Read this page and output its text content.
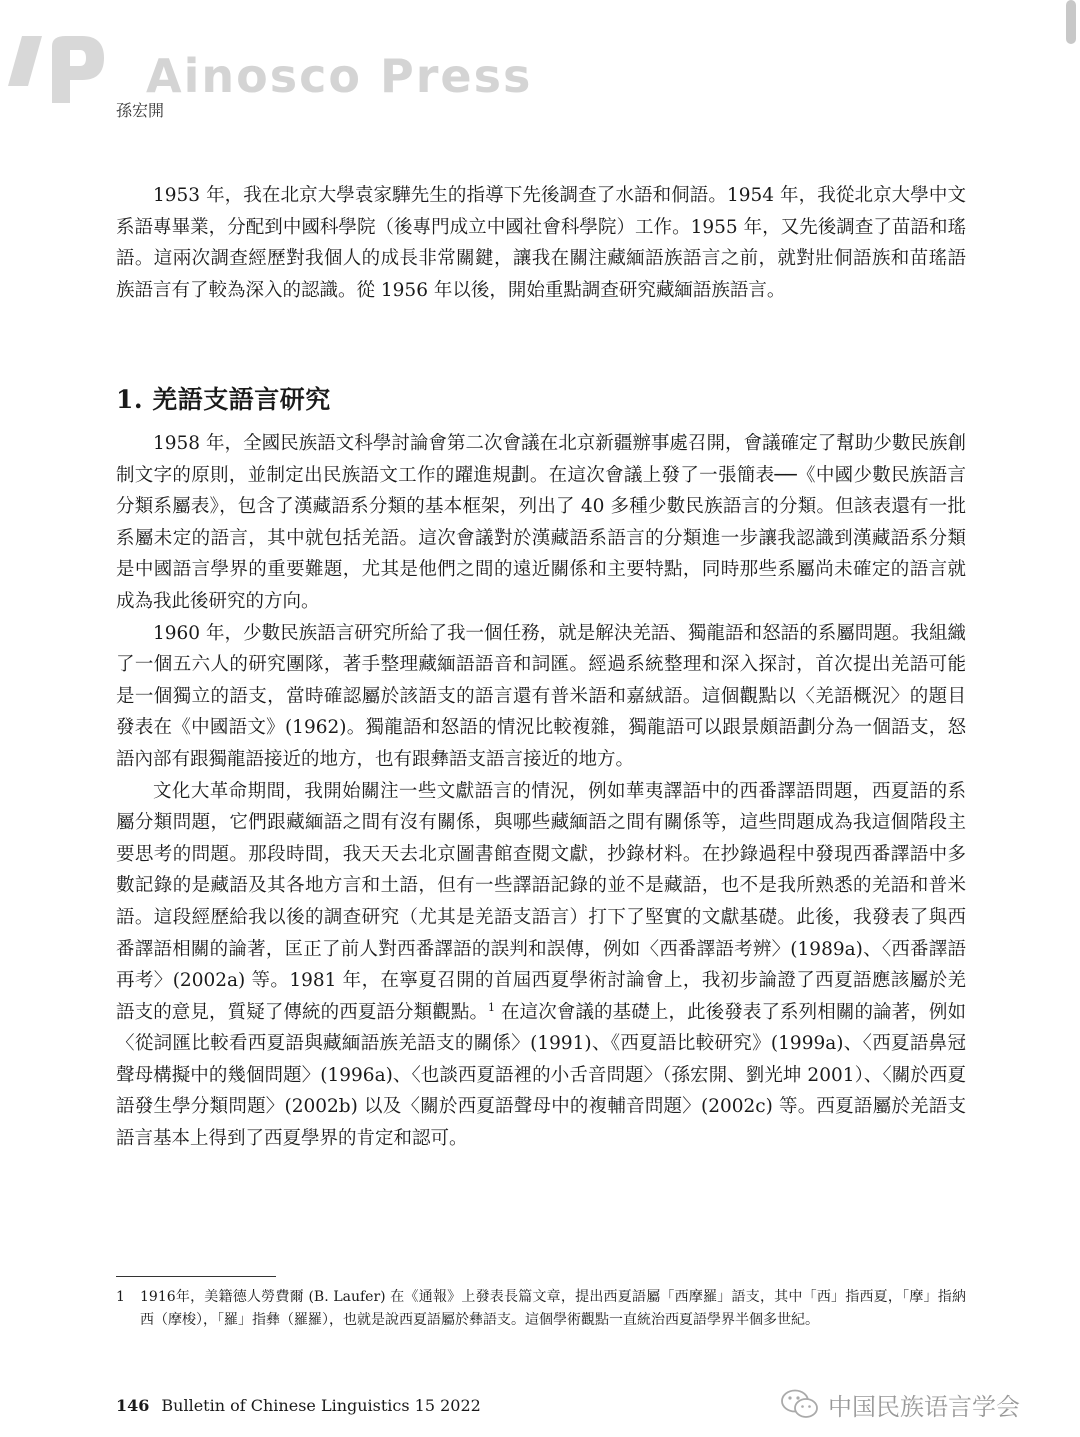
Ainosco Press
孫宏開

1953 年，我在北京大學袁家驊先生的指導下先後調查了水語和侗語。1954 年，我從北京大學中文系語專畢業，分配到中國科學院（後專門成立中國社會科學院）工作。1955 年，又先後調查了苗語和瑤語。這兩次調查經歷對我個人的成長非常關鍵，讓我在關注藏緬語族語言之前，就對壯侗語族和苗瑤語族語言有了較為深入的認識。從 1956 年以後，開始重點調查研究藏緬語族語言。

1. 羌語支語言研究

1958 年，全國民族語文科學討論會第二次會議在北京新疆辦事處召開，會議確定了幫助少數民族創制文字的原則，並制定出民族語文工作的躍進規劃。在這次會議上發了一張簡表──《中國少數民族語言分類系屬表》，包含了漢藏語系分類的基本框架，列出了 40 多種少數民族語言的分類。但該表還有一批系屬未定的語言，其中就包括羌語。這次會議對於漢藏語系語言的分類進一步讓我認識到漢藏語系分類是中國語言學界的重要難題，尤其是他們之間的遠近關係和主要特點，同時那些系屬尚未確定的語言就成為我此後研究的方向。

1960 年，少數民族語言研究所給了我一個任務，就是解決羌語、獨龍語和怒語的系屬問題。我組織了一個五六人的研究團隊，著手整理藏緬語語音和詞匯。經過系統整理和深入探討，首次提出羌語可能是一個獨立的語支，當時確認屬於該語支的語言還有普米語和嘉絨語。這個觀點以〈羌語概況〉的題目發表在《中國語文》(1962)。獨龍語和怒語的情況比較複雜，獨龍語可以跟景頗語劃分為一個語支，怒語內部有跟獨龍語接近的地方，也有跟彝語支語言接近的地方。

文化大革命期間，我開始關注一些文獻語言的情況，例如華夷譯語中的西番譯語問題，西夏語的系屬分類問題，它們跟藏緬語之間有沒有關係，與哪些藏緬語之間有關係等，這些問題成為我這個階段主要思考的問題。那段時間，我天天去北京圖書館查閱文獻，抄錄材料。在抄錄過程中發現西番譯語中多數記錄的是藏語及其各地方言和土語，但有一些譯語記錄的並不是藏語，也不是我所熟悉的羌語和普米語。這段經歷給我以後的調查研究（尤其是羌語支語言）打下了堅實的文獻基礎。此後，我發表了與西番譯語相關的論著，匡正了前人對西番譯語的誤判和誤傳，例如〈西番譯語考辨〉(1989a)、〈西番譯語再考〉(2002a) 等。1981 年，在寧夏召開的首屆西夏學術討論會上，我初步論證了西夏語應該屬於羌語支的意見，質疑了傳統的西夏語分類觀點。$^1$ 在這次會議的基礎上，此後發表了系列相關的論著，例如〈從詞匯比較看西夏語與藏緬語族羌語支的關係〉(1991)、《西夏語比較研究》(1999a)、〈西夏語鼻冠聲母構擬中的幾個問題〉(1996a)、〈也談西夏語裡的小舌音問題〉（孫宏開、劉光坤 2001）、〈關於西夏語發生學分類問題〉(2002b) 以及〈關於西夏語聲母中的複輔音問題〉(2002c) 等。西夏語屬於羌語支語言基本上得到了西夏學界的肯定和認可。

1 1916年，美籍德人勞費爾 (B. Laufer) 在《通報》上發表長篇文章，提出西夏語屬「西摩羅」語支，其中「西」指西夏，「摩」指納西（摩梭），「羅」指彝（羅羅），也就是說西夏語屬於彝語支。這個學術觀點一直統治西夏語學界半個多世紀。
146 Bulletin of Chinese Linguistics 15 2022	中国民族语言学会
